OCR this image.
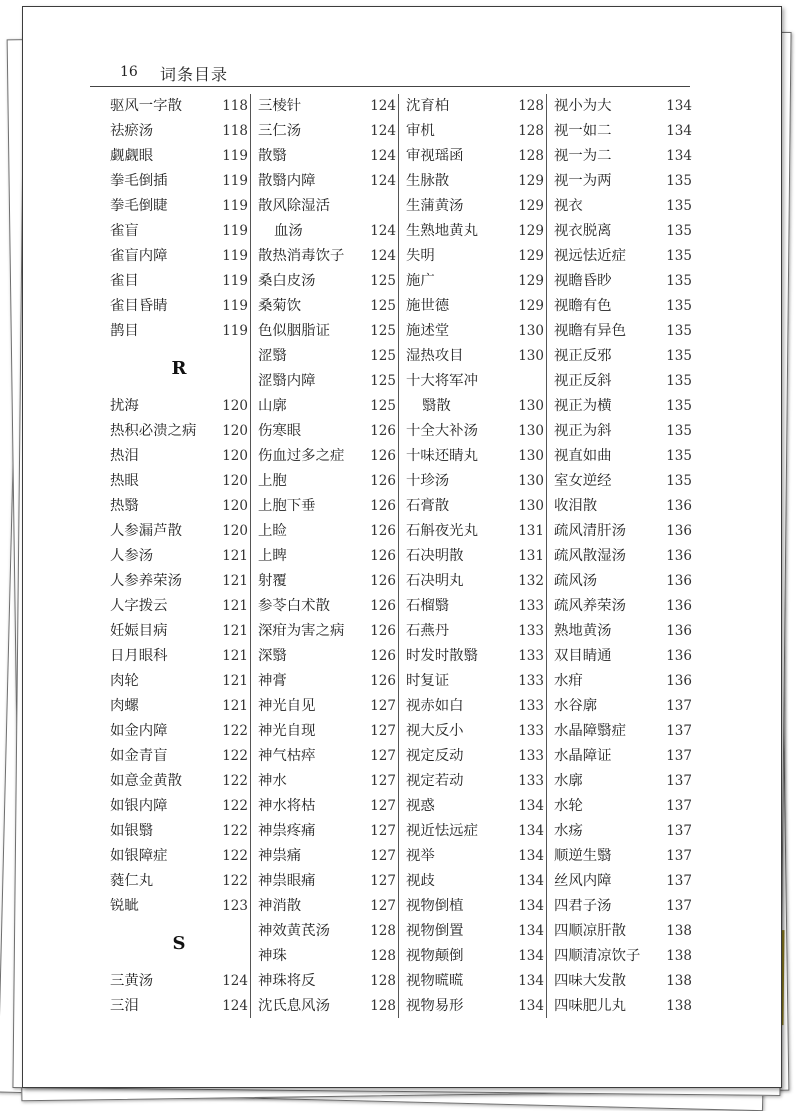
16 词条目录
驱风一字散	118
祛瘀汤	118
觑觑眼	119
拳毛倒插	119
拳毛倒睫	119
雀盲	119
雀盲内障	119
雀目	119
雀目昏睛	119
鹊目	119
R
扰海	120
热积必溃之病 120
热泪	120
热眼	120
热翳	120
人参漏芦散	120
人参汤	121
人参养荣汤	121
人字拨云	121
妊娠目病	121
日月眼科	121
肉轮	121
肉螺	121
如金内障	122
如金青盲	122
如意金黄散	122
如银内障	122
如银翳	122
如银障症	122
蕤仁丸	122
锐眦	123
S
三黄汤	124
三泪	124
三棱针	124
三仁汤	124
散翳	124
散翳内障	124
散风除湿活
血汤	124
散热消毒饮子 124
桑白皮汤	125
桑菊饮	125
色似胭脂证	125
涩翳	125
涩翳内障	125
山廓	125
伤寒眼	126
伤血过多之症 126
上胞	126
上胞下垂	126
上睑	126
上睥	126
射覆	126
参苓白术散	126
深疳为害之病 126
深翳	126
神膏	126
神光自见	127
神光自现	127
神气枯瘁	127
神水	127
神水将枯	127
神祟疼痛	127
神祟痛	127
神祟眼痛	127
神消散	127
神效黄芪汤	128
神珠	128
神珠将反	128
沈氏息风汤	128
沈育柏	128
审机	128
审视瑶函	128
生脉散	129
生蒲黄汤	129
生熟地黄丸	129
失明	129
施广	129
施世德	129
施述堂	130
湿热攻目	130
十大将军冲
翳散	130
十全大补汤	130
十味还睛丸	130
十珍汤	130
石膏散	130
石斛夜光丸	131
石决明散	131
石决明丸	132
石榴翳	133
石燕丹	133
时发时散翳	133
时复证	133
视赤如白	133
视大反小	133
视定反动	133
视定若动	133
视惑	134
视近怯远症	134
视举	134
视歧	134
视物倒植	134
视物倒置	134
视物颠倒	134
视物𥉂𥉂	134
视物易形	134
视小为大	134
视一如二	134
视一为二	134
视一为两	135
视衣	135
视衣脱离	135
视远怯近症	135
视瞻昏眇	135
视瞻有色	135
视瞻有异色	135
视正反邪	135
视正反斜	135
视正为横	135
视正为斜	135
视直如曲	135
室女逆经	135
收泪散	136
疏风清肝汤	136
疏风散湿汤	136
疏风汤	136
疏风养荣汤	136
熟地黄汤	136
双目睛通	136
水疳	136
水谷廓	137
水晶障翳症	137
水晶障证	137
水廓	137
水轮	137
水疡	137
顺逆生翳	137
丝风内障	137
四君子汤	137
四顺凉肝散	138
四顺清凉饮子 138
四味大发散	138
四味肥儿丸	138
